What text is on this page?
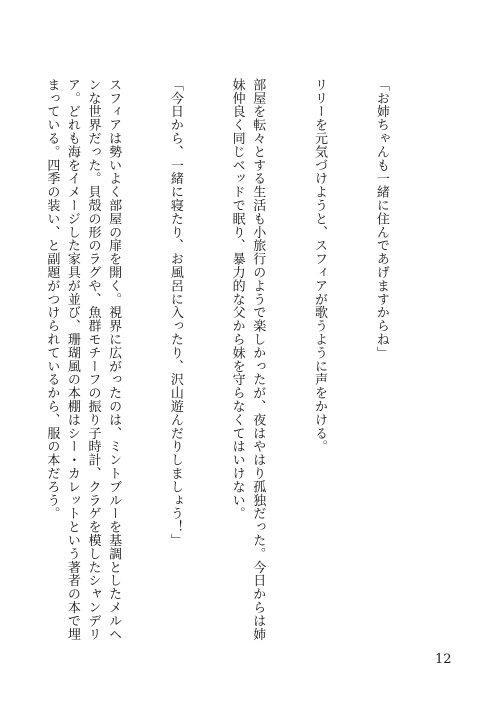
「お姉ちゃんも一緒に住んであげますからね」

リリーを元気づけようと、スフィアが歌うように声をかける。

部屋を転々とする生活も小旅行のようで楽しかったが、夜はやはり孤独だった。今日からは姉妹仲良く同じベッドで眠り、暴力的な父から妹を守らなくてはいけない。

「今日から、一緒に寝たり、お風呂に入ったり、沢山遊んだりしましょう！」

スフィアは勢いよく部屋の扉を開く。視界に広がったのは、ミントブルーを基調としたメルヘンな世界だった。貝殻の形のラグや、魚群モチーフの振り子時計、クラゲを模したシャンデリア。どれも海をイメージした家具が並び、珊瑚風の本棚はシー・カレットという著者の本で埋まっている。四季の装い、と副題がつけられているから、服の本だろう。

12
